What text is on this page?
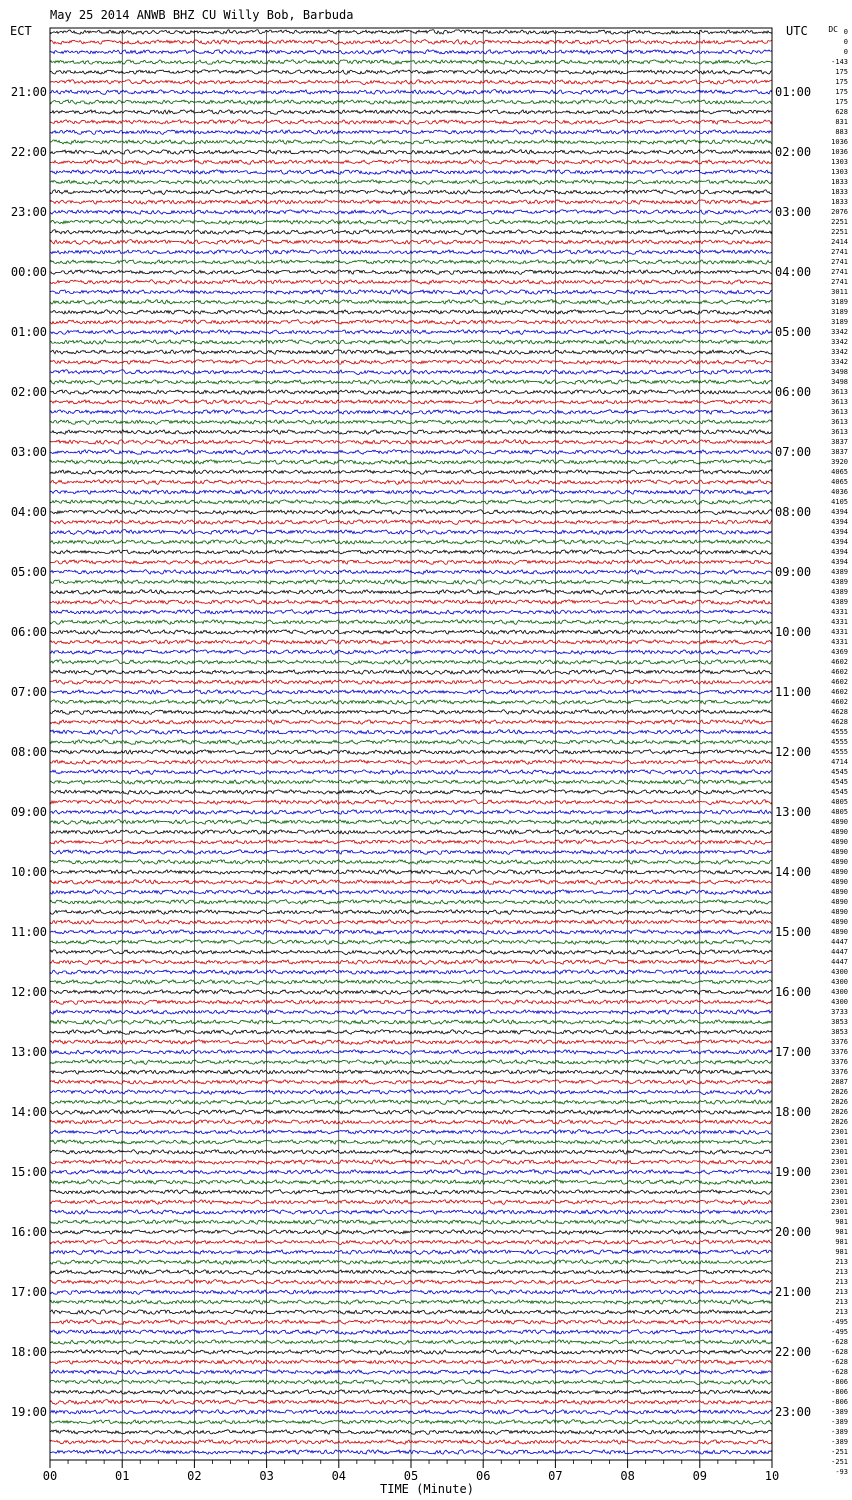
00	01	02	03	04	05	06	07	08	09	10
21:00
22:00
23:00
00:00
01:00
02:00
03:00
04:00
05:00
06:00
07:00
08:00
09:00
10:00
11:00
12:00
13:00
14:00
15:00
16:00
17:00
18:00
19:00
01:00
02:00
03:00
04:00
05:00
06:00
07:00
08:00
09:00
10:00
11:00
12:00
13:00
14:00
15:00
16:00
17:00
18:00
19:00
20:00
21:00
22:00
23:00
DC 0
0
0
-143
175
175
175
175
628
831
883
1036
1036
1303
1303
1833
1833
1833
2076
2251
2251
2414
2741
2741
2741
2741
3011
3189
3189
3189
3342
3342
3342
3342
3498
3498
3613
3613
3613
3613
3613
3837
3837
3920
4065
4065
4036
4105
4394
4394
4394
4394
4394
4394
4389
4389
4389
4389
4331
4331
4331
4331
4369
4602
4602
4602
4602
4602
4628
4628
4555
4555
4555
4714
4545
4545
4545
4805
4805
4890
4890
4890
4890
4890
4890
4890
4890
4890
4890
4890
4890
4447
4447
4447
4300
4300
4300
4300
3733
3853
3853
3376
3376
3376
3376
2887
2826
2826
2826
2826
2301
2301
2301
2301
2301
2301
2301
2301
2301
981
981
981
981
213
213
213
213
213
213
-495
-495
-628
-628
-628
-628
-806
-806
-806
-389
-389
-389
-389
-251
-251
-93
May 25 2014 ANWB BHZ CU Willy Bob, Barbuda
ECT	UTC
TIME (Minute)
